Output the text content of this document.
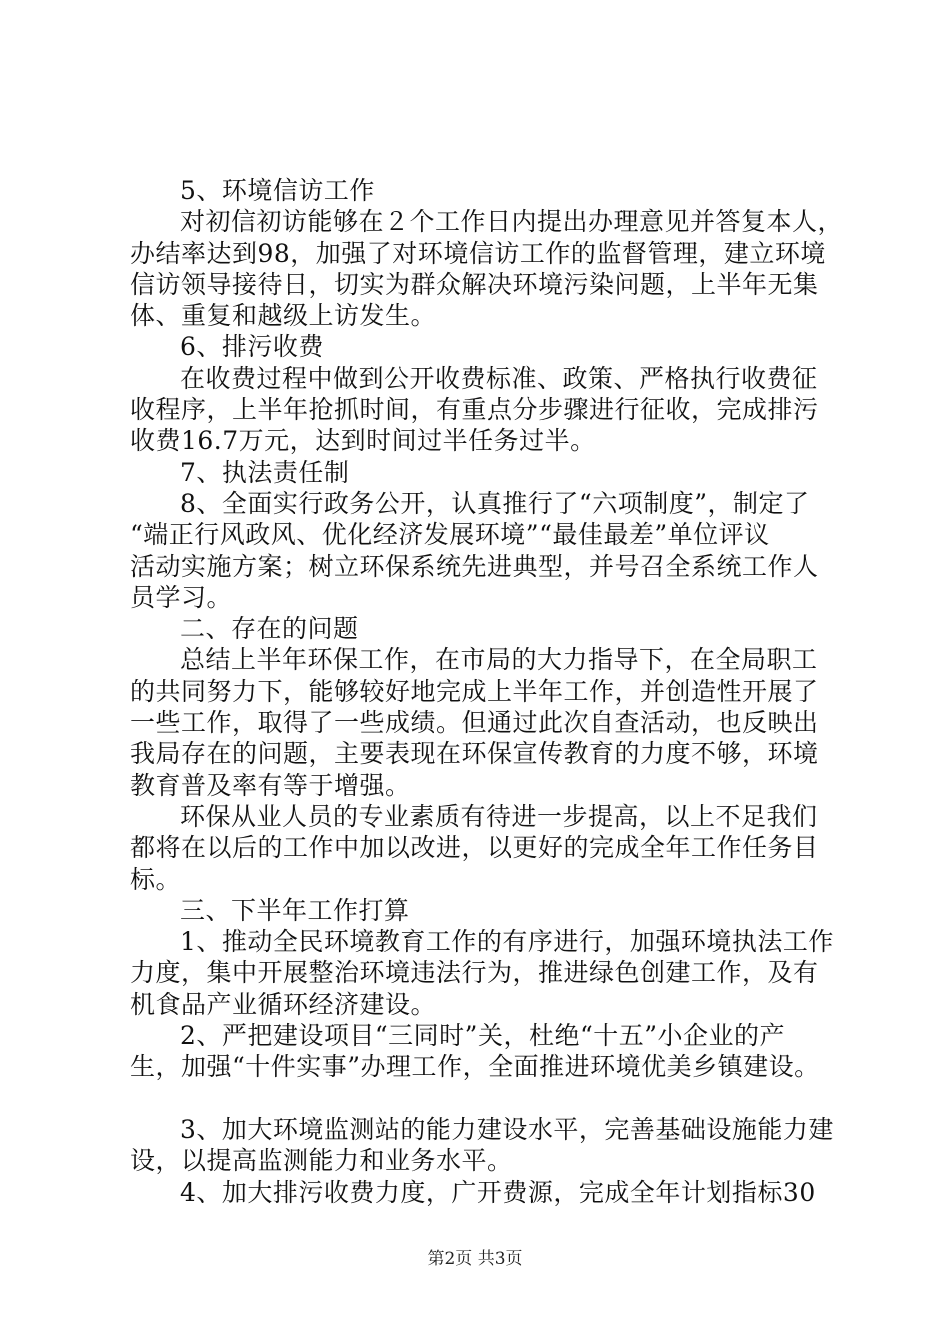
5、环境信访工作
对初信初访能够在２个工作日内提出办理意见并答复本人，
办结率达到98，加强了对环境信访工作的监督管理，建立环境
信访领导接待日，切实为群众解决环境污染问题，上半年无集
体、重复和越级上访发生。
6、排污收费
在收费过程中做到公开收费标准、政策、严格执行收费征
收程序，上半年抢抓时间，有重点分步骤进行征收，完成排污
收费16.7万元，达到时间过半任务过半。
7、执法责任制
8、全面实行政务公开，认真推行了“六项制度”，制定了
“端正行风政风、优化经济发展环境”“最佳最差”单位评议
活动实施方案；树立环保系统先进典型，并号召全系统工作人
员学习。
二、存在的问题
总结上半年环保工作，在市局的大力指导下，在全局职工
的共同努力下，能够较好地完成上半年工作，并创造性开展了
一些工作，取得了一些成绩。但通过此次自查活动，也反映出
我局存在的问题，主要表现在环保宣传教育的力度不够，环境
教育普及率有等于增强。
环保从业人员的专业素质有待进一步提高，以上不足我们
都将在以后的工作中加以改进，以更好的完成全年工作任务目
标。
三、下半年工作打算
1、推动全民环境教育工作的有序进行，加强环境执法工作
力度，集中开展整治环境违法行为，推进绿色创建工作，及有
机食品产业循环经济建设。
2、严把建设项目“三同时”关，杜绝“十五”小企业的产
生，加强“十件实事”办理工作，全面推进环境优美乡镇建设。
3、加大环境监测站的能力建设水平，完善基础设施能力建
设，以提高监测能力和业务水平。
4、加大排污收费力度，广开费源，完成全年计划指标30
第2页 共3页
